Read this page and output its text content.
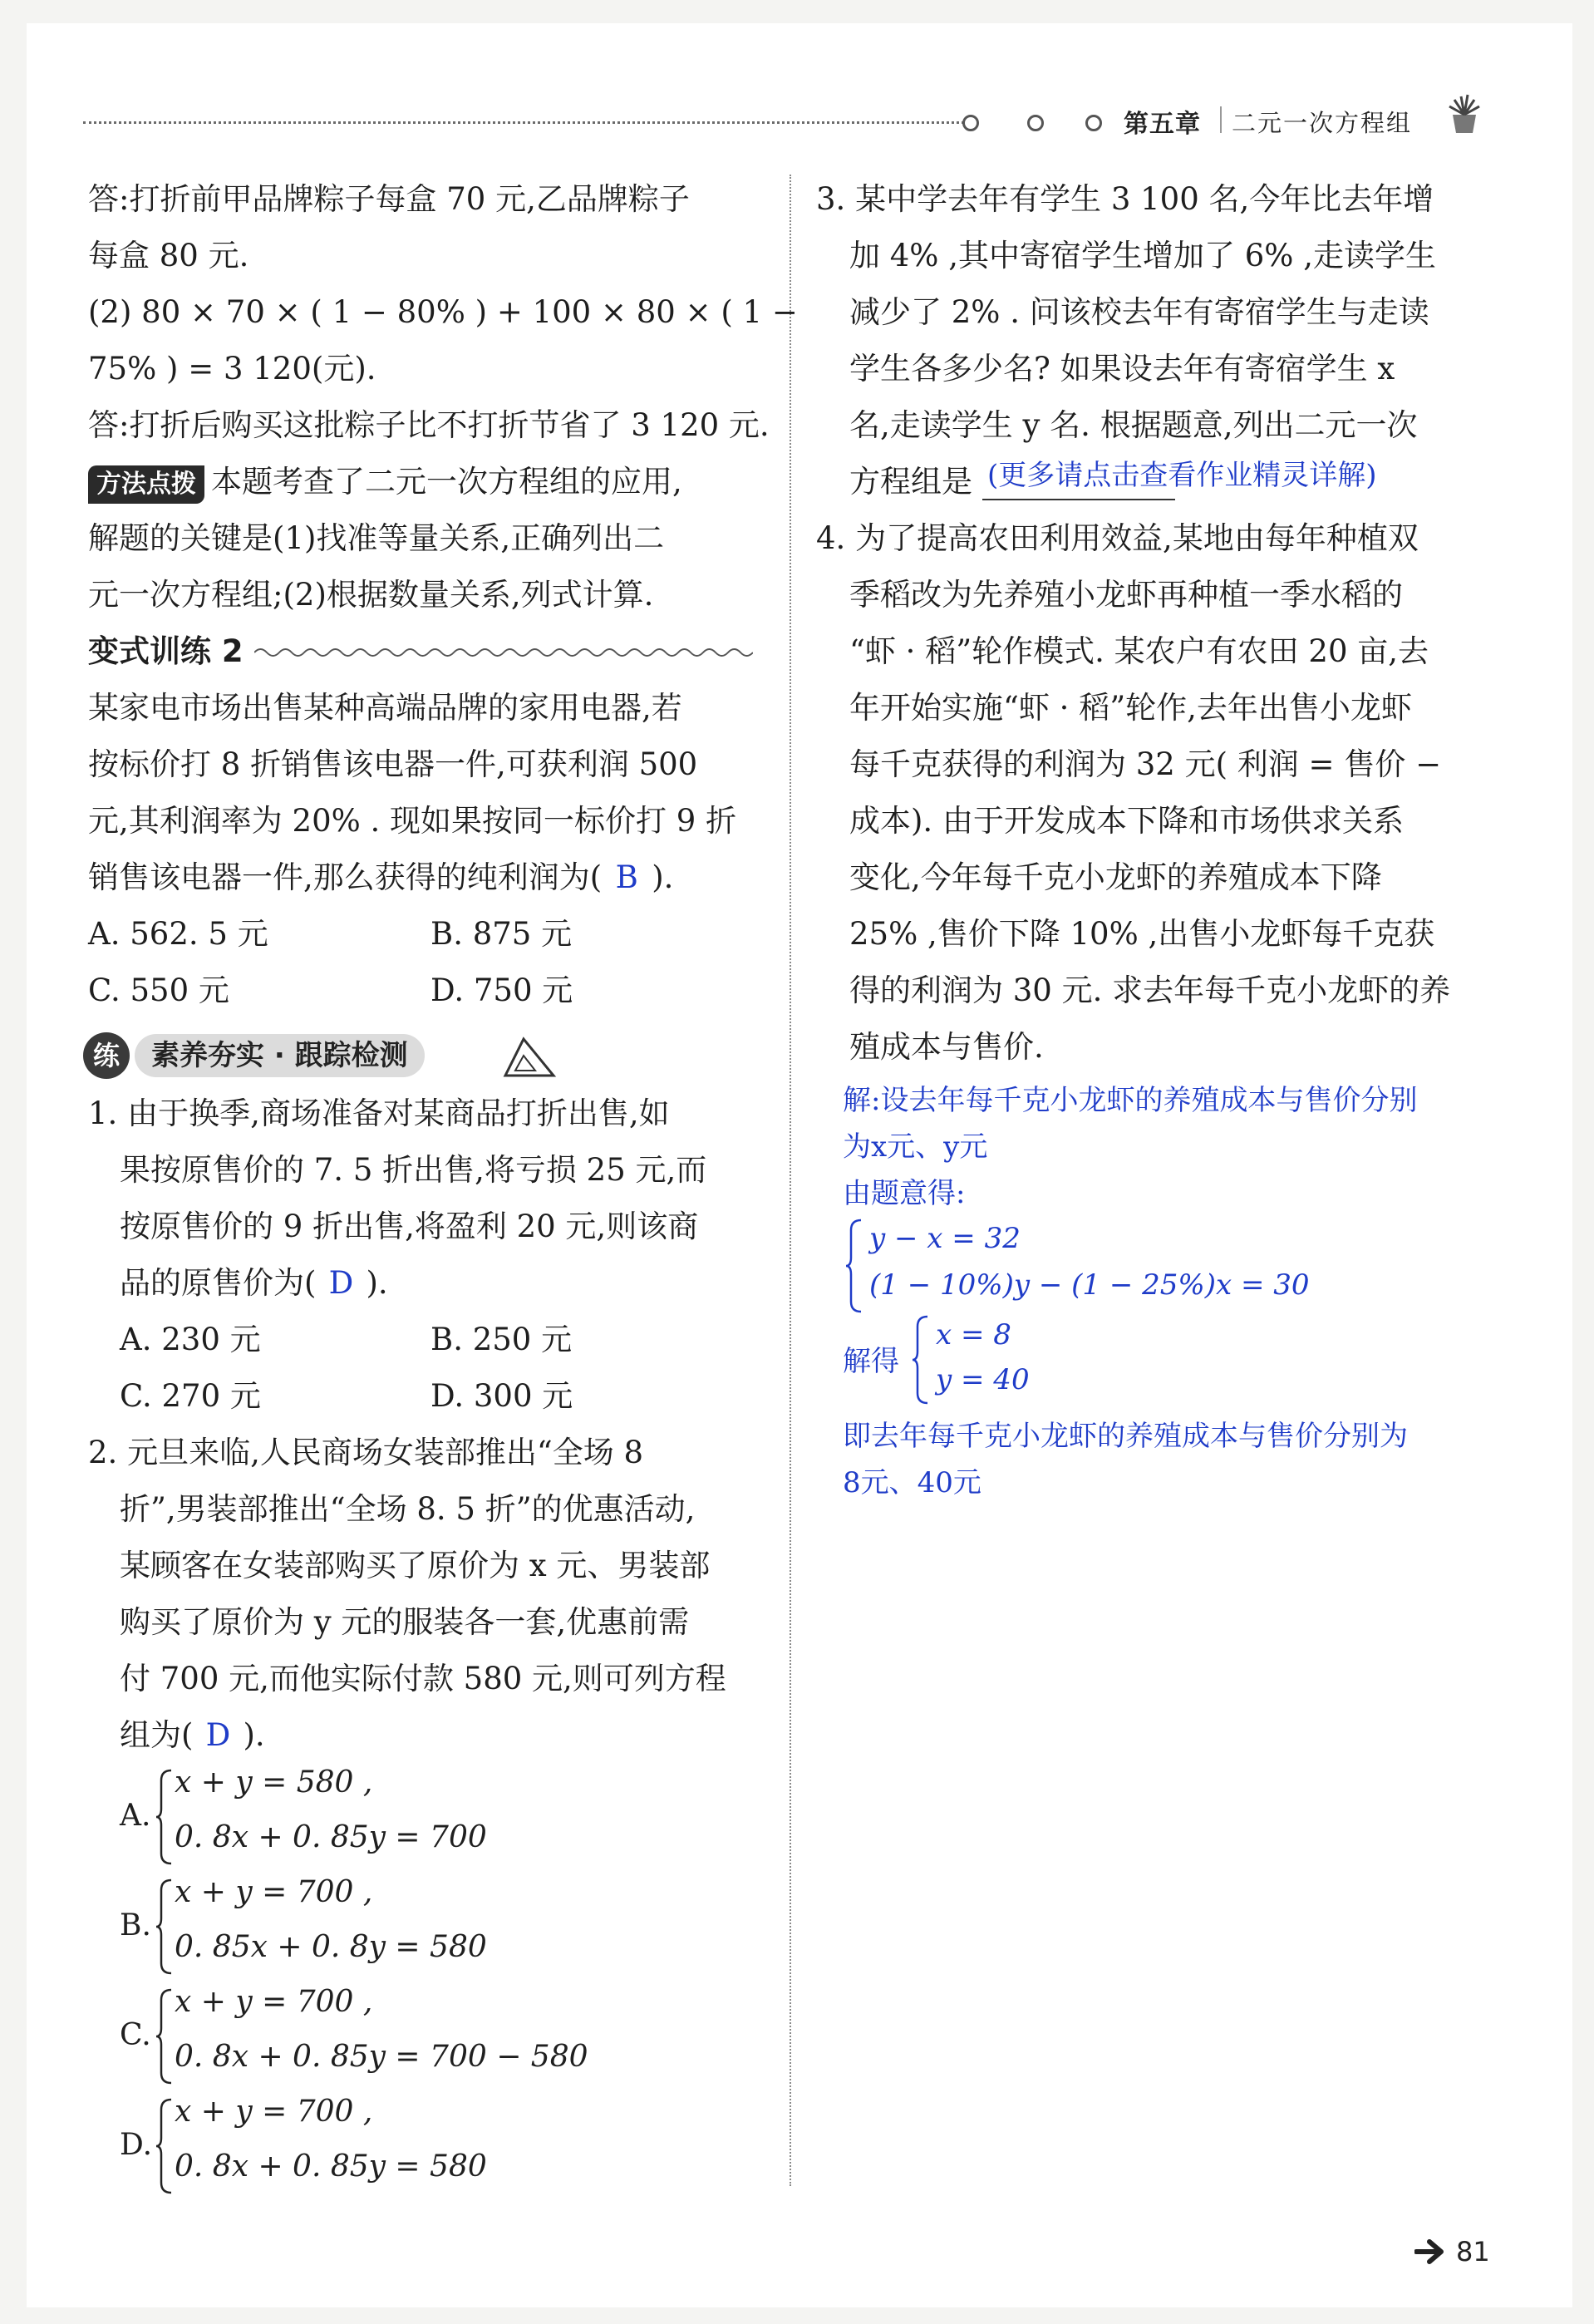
第五章 二元一次方程组
答:打折前甲品牌粽子每盒 70 元,乙品牌粽子
每盒 80 元.
(2) 80 × 70 × ( 1 − 80% ) + 100 × 80 × ( 1 −
75% ) = 3 120(元).
答:打折后购买这批粽子比不打折节省了 3 120 元.
方法点拨 本题考查了二元一次方程组的应用,
解题的关键是(1)找准等量关系,正确列出二
元一次方程组;(2)根据数量关系,列式计算.
变式训练 2
某家电市场出售某种高端品牌的家用电器,若
按标价打 8 折销售该电器一件,可获利润 500
元,其利润率为 20% . 现如果按同一标价打 9 折
销售该电器一件,那么获得的纯利润为( B ).
A. 562. 5 元	B. 875 元
C. 550 元	D. 750 元
练	素养夯实 · 跟踪检测
1. 由于换季,商场准备对某商品打折出售,如
果按原售价的 7. 5 折出售,将亏损 25 元,而
按原售价的 9 折出售,将盈利 20 元,则该商
品的原售价为( D ).
A. 230 元	B. 250 元
C. 270 元	D. 300 元
2. 元旦来临,人民商场女装部推出“全场 8
折”,男装部推出“全场 8. 5 折”的优惠活动,
某顾客在女装部购买了原价为 x 元、男装部
购买了原价为 y 元的服装各一套,优惠前需
付 700 元,而他实际付款 580 元,则可列方程
组为( D ).
A.
x + y = 580 ,
0. 8x + 0. 85y = 700
B.
x + y = 700 ,
0. 85x + 0. 8y = 580
C.
x + y = 700 ,
0. 8x + 0. 85y = 700 − 580
D.
x + y = 700 ,
0. 8x + 0. 85y = 580
3. 某中学去年有学生 3 100 名,今年比去年增
加 4% ,其中寄宿学生增加了 6% ,走读学生
减少了 2% . 问该校去年有寄宿学生与走读
学生各多少名? 如果设去年有寄宿学生 x
名,走读学生 y 名. 根据题意,列出二元一次
方程组是 (更多请点击查看作业精灵详解)
4. 为了提高农田利用效益,某地由每年种植双
季稻改为先养殖小龙虾再种植一季水稻的
“虾 · 稻”轮作模式. 某农户有农田 20 亩,去
年开始实施“虾 · 稻”轮作,去年出售小龙虾
每千克获得的利润为 32 元( 利润 = 售价 −
成本). 由于开发成本下降和市场供求关系
变化,今年每千克小龙虾的养殖成本下降
25% ,售价下降 10% ,出售小龙虾每千克获
得的利润为 30 元. 求去年每千克小龙虾的养
殖成本与售价.
解:设去年每千克小龙虾的养殖成本与售价分别
为x元、y元
由题意得:
y − x = 32
(1 − 10%)y − (1 − 25%)x = 30
解得
x = 8
y = 40
即去年每千克小龙虾的养殖成本与售价分别为
8元、40元
81
